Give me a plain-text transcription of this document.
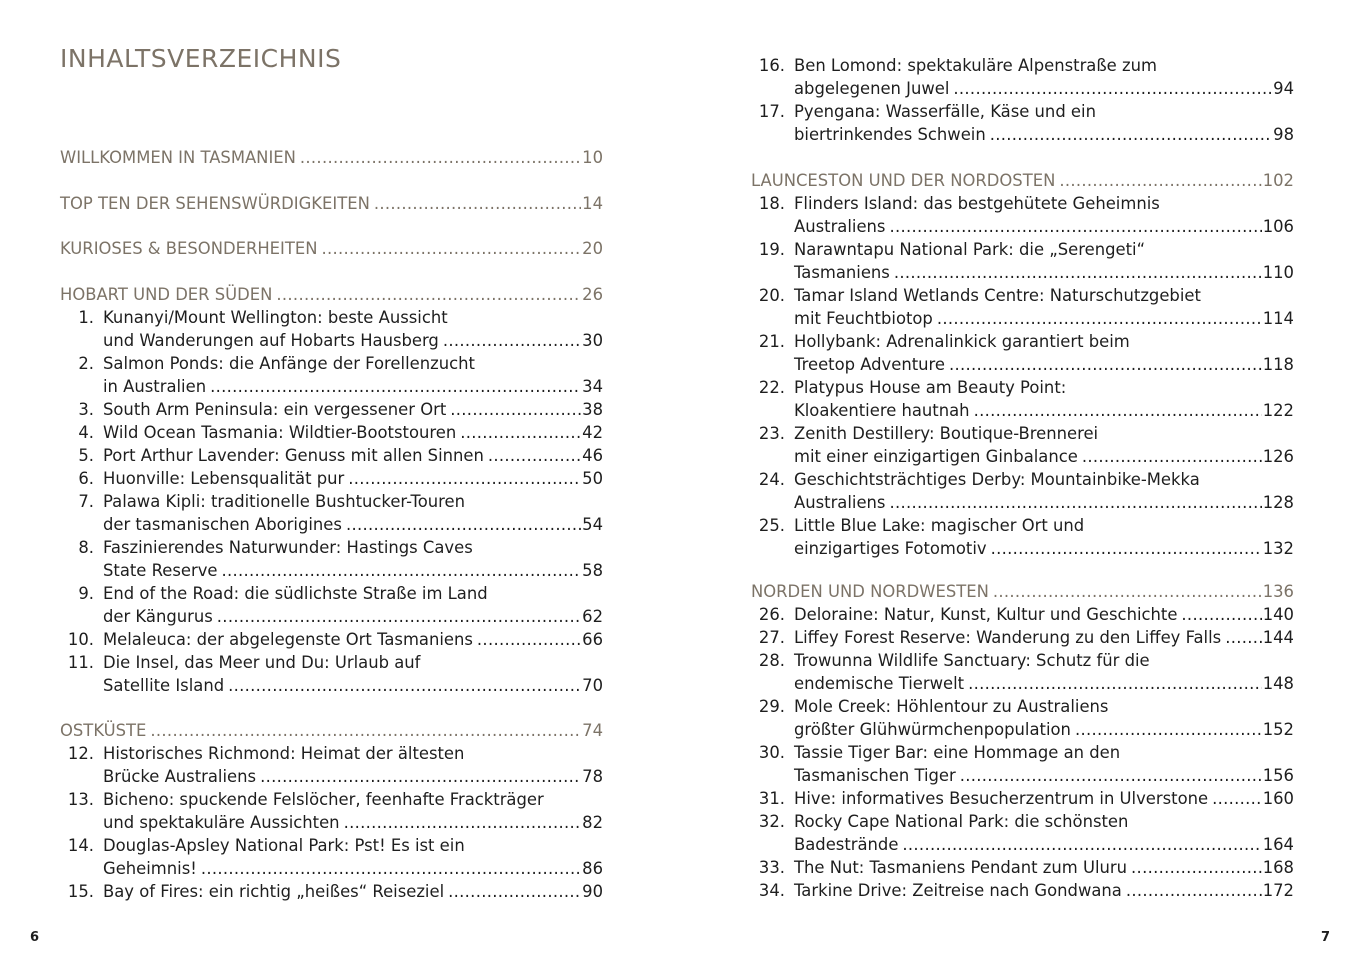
INHALTSVERZEICHNIS
WILLKOMMEN IN TASMANIEN .....	10
TOP TEN DER SEHENSWÜRDIGKEITEN .....	14
KURIOSES & BESONDERHEITEN .....	20
HOBART UND DER SÜDEN .....	26
1. Kunanyi/Mount Wellington: beste Aussicht
und Wanderungen auf Hobarts Hausberg .....	30
2. Salmon Ponds: die Anfänge der Forellenzucht
in Australien .....	34
3. South Arm Peninsula: ein vergessener Ort .....	38
4. Wild Ocean Tasmania: Wildtier-Bootstouren .....	42
5. Port Arthur Lavender: Genuss mit allen Sinnen .....	46
6. Huonville: Lebensqualität pur .....	50
7. Palawa Kipli: traditionelle Bushtucker-Touren
der tasmanischen Aborigines .....	54
8. Faszinierendes Naturwunder: Hastings Caves
State Reserve .....	58
9. End of the Road: die südlichste Straße im Land
der Kängurus .....	62
10. Melaleuca: der abgelegenste Ort Tasmaniens .....	66
11. Die Insel, das Meer und Du: Urlaub auf
Satellite Island .....	70
OSTKÜSTE .....	74
12. Historisches Richmond: Heimat der ältesten
Brücke Australiens .....	78
13. Bicheno: spuckende Felslöcher, feenhafte Frackträger
und spektakuläre Aussichten .....	82
14. Douglas-Apsley National Park: Pst! Es ist ein
Geheimnis! .....	86
15. Bay of Fires: ein richtig „heißes“ Reiseziel .....	90
16. Ben Lomond: spektakuläre Alpenstraße zum
abgelegenen Juwel .....	94
17. Pyengana: Wasserfälle, Käse und ein
biertrinkendes Schwein .....	98
LAUNCESTON UND DER NORDOSTEN .....	102
18. Flinders Island: das bestgehütete Geheimnis
Australiens .....	106
19. Narawntapu National Park: die „Serengeti“
Tasmaniens .....	110
20. Tamar Island Wetlands Centre: Naturschutzgebiet
mit Feuchtbiotop .....	114
21. Hollybank: Adrenalinkick garantiert beim
Treetop Adventure .....	118
22. Platypus House am Beauty Point:
Kloakentiere hautnah .....	122
23. Zenith Destillery: Boutique-Brennerei
mit einer einzigartigen Ginbalance .....	126
24. Geschichtsträchtiges Derby: Mountainbike-Mekka
Australiens .....	128
25. Little Blue Lake: magischer Ort und
einzigartiges Fotomotiv .....	132
NORDEN UND NORDWESTEN .....	136
26. Deloraine: Natur, Kunst, Kultur und Geschichte .....	140
27. Liffey Forest Reserve: Wanderung zu den Liffey Falls .....	144
28. Trowunna Wildlife Sanctuary: Schutz für die
endemische Tierwelt .....	148
29. Mole Creek: Höhlentour zu Australiens
größter Glühwürmchenpopulation .....	152
30. Tassie Tiger Bar: eine Hommage an den
Tasmanischen Tiger .....	156
31. Hive: informatives Besucherzentrum in Ulverstone .....	160
32. Rocky Cape National Park: die schönsten
Badestrände .....	164
33. The Nut: Tasmaniens Pendant zum Uluru .....	168
34. Tarkine Drive: Zeitreise nach Gondwana .....	172
6	7
